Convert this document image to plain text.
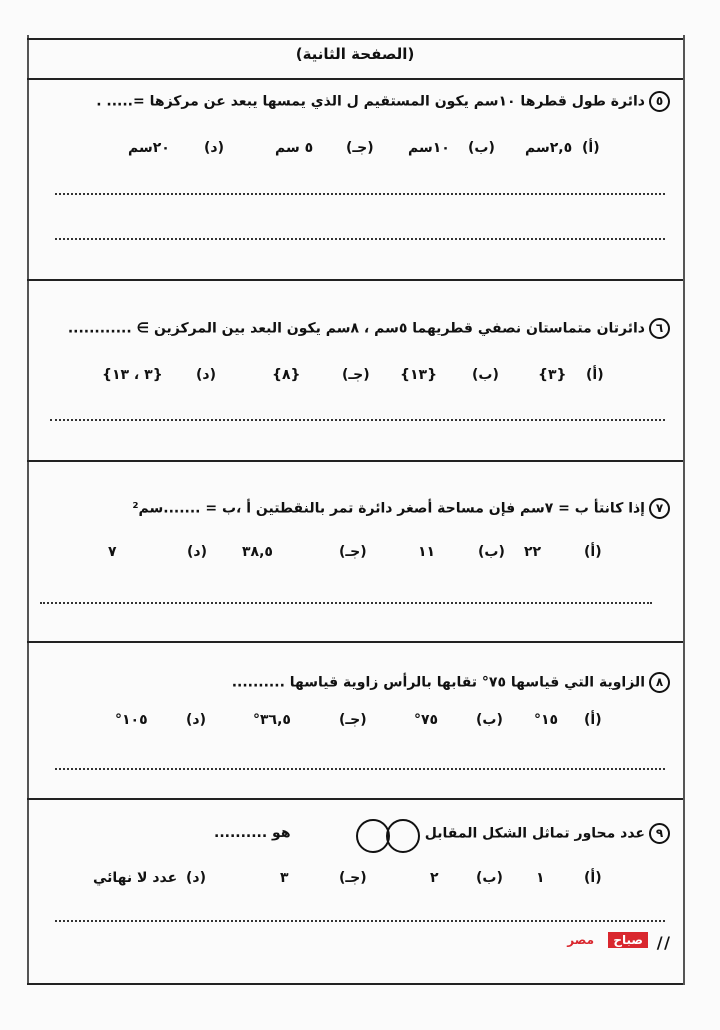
(الصفحة الثانية)
٥دائرة طول قطرها ١٠سم يكون المستقيم ل الذي يمسها يبعد عن مركزها =..... .
(أ)
٢,٥سم
(ب)
١٠سم
(جـ)
٥ سم
(د)
٢٠سم
٦دائرتان متماستان نصفي قطريهما ٥سم ، ٨سم يكون البعد بين المركزين ∋ ............
(أ)
{٣}
(ب)
{١٣}
(جـ)
{٨}
(د)
{٣ ، ١٣}
٧إذا كانتأ ب = ٧سم فإن مساحة أصغر دائرة تمر بالنقطتين أ ،ب = .......سم²
(أ)
٢٢
(ب)
١١
(جـ)
٣٨,٥
(د)
٧
٨الزاوية التي قياسها ٧٥° تقابها بالرأس زاوية قياسها ..........
(أ)
١٥°
(ب)
٧٥°
(جـ)
٣٦,٥°
(د)
١٠٥°
٩عدد محاور تماثل الشكل المقابل
هو ..........
(أ)
١
(ب)
٢
(جـ)
٣
(د)
عدد لا نهائي
/ /
صباح
مصر
